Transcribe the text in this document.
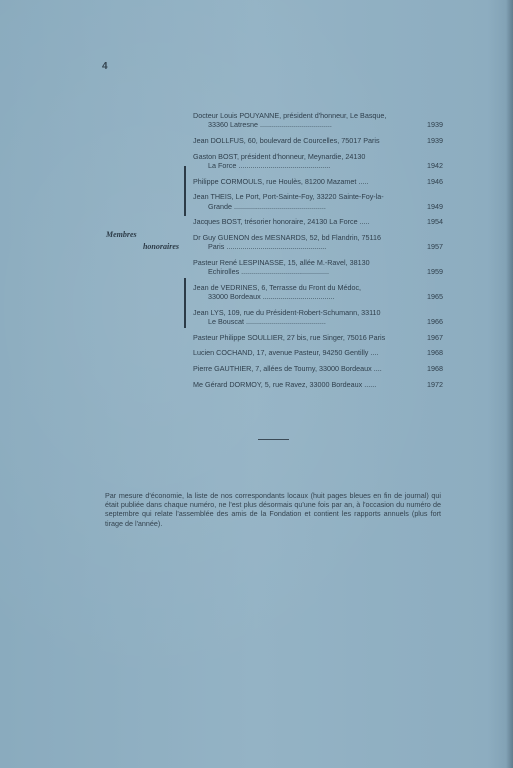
4
Membres
honoraires
Docteur Louis POUYANNE, président d'honneur, Le Basque,
33360 Latresne ....................................	1939
Jean DOLLFUS, 60, boulevard de Courcelles, 75017 Paris	1939
Gaston BOST, président d'honneur, Meynardie, 24130
La Force ..............................................	1942
Philippe CORMOULS, rue Houlès, 81200 Mazamet .....	1946
Jean THEIS, Le Port, Port-Sainte-Foy, 33220 Sainte-Foy-la-
Grande ..............................................	1949
Jacques BOST, trésorier honoraire, 24130 La Force .....	1954
Dr Guy GUENON des MESNARDS, 52, bd Flandrin, 75116
Paris ..................................................	1957
Pasteur René LESPINASSE, 15, allée M.-Ravel, 38130
Echirolles ............................................	1959
Jean de VEDRINES, 6, Terrasse du Front du Médoc,
33000 Bordeaux ....................................	1965
Jean LYS, 109, rue du Président-Robert-Schumann, 33110
Le Bouscat ........................................	1966
Pasteur Philippe SOULLIER, 27 bis, rue Singer, 75016 Paris	1967
Lucien COCHAND, 17, avenue Pasteur, 94250 Gentilly ....	1968
Pierre GAUTHIER, 7, allées de Tourny, 33000 Bordeaux ....	1968
Me Gérard DORMOY, 5, rue Ravez, 33000 Bordeaux ......	1972
Par mesure d'économie, la liste de nos correspondants locaux (huit pages bleues en fin de journal) qui était publiée dans chaque numéro, ne l'est plus désormais qu'une fois par an, à l'occasion du numéro de septembre qui relate l'assemblée des amis de la Fondation et contient les rapports annuels (plus fort tirage de l'année).
